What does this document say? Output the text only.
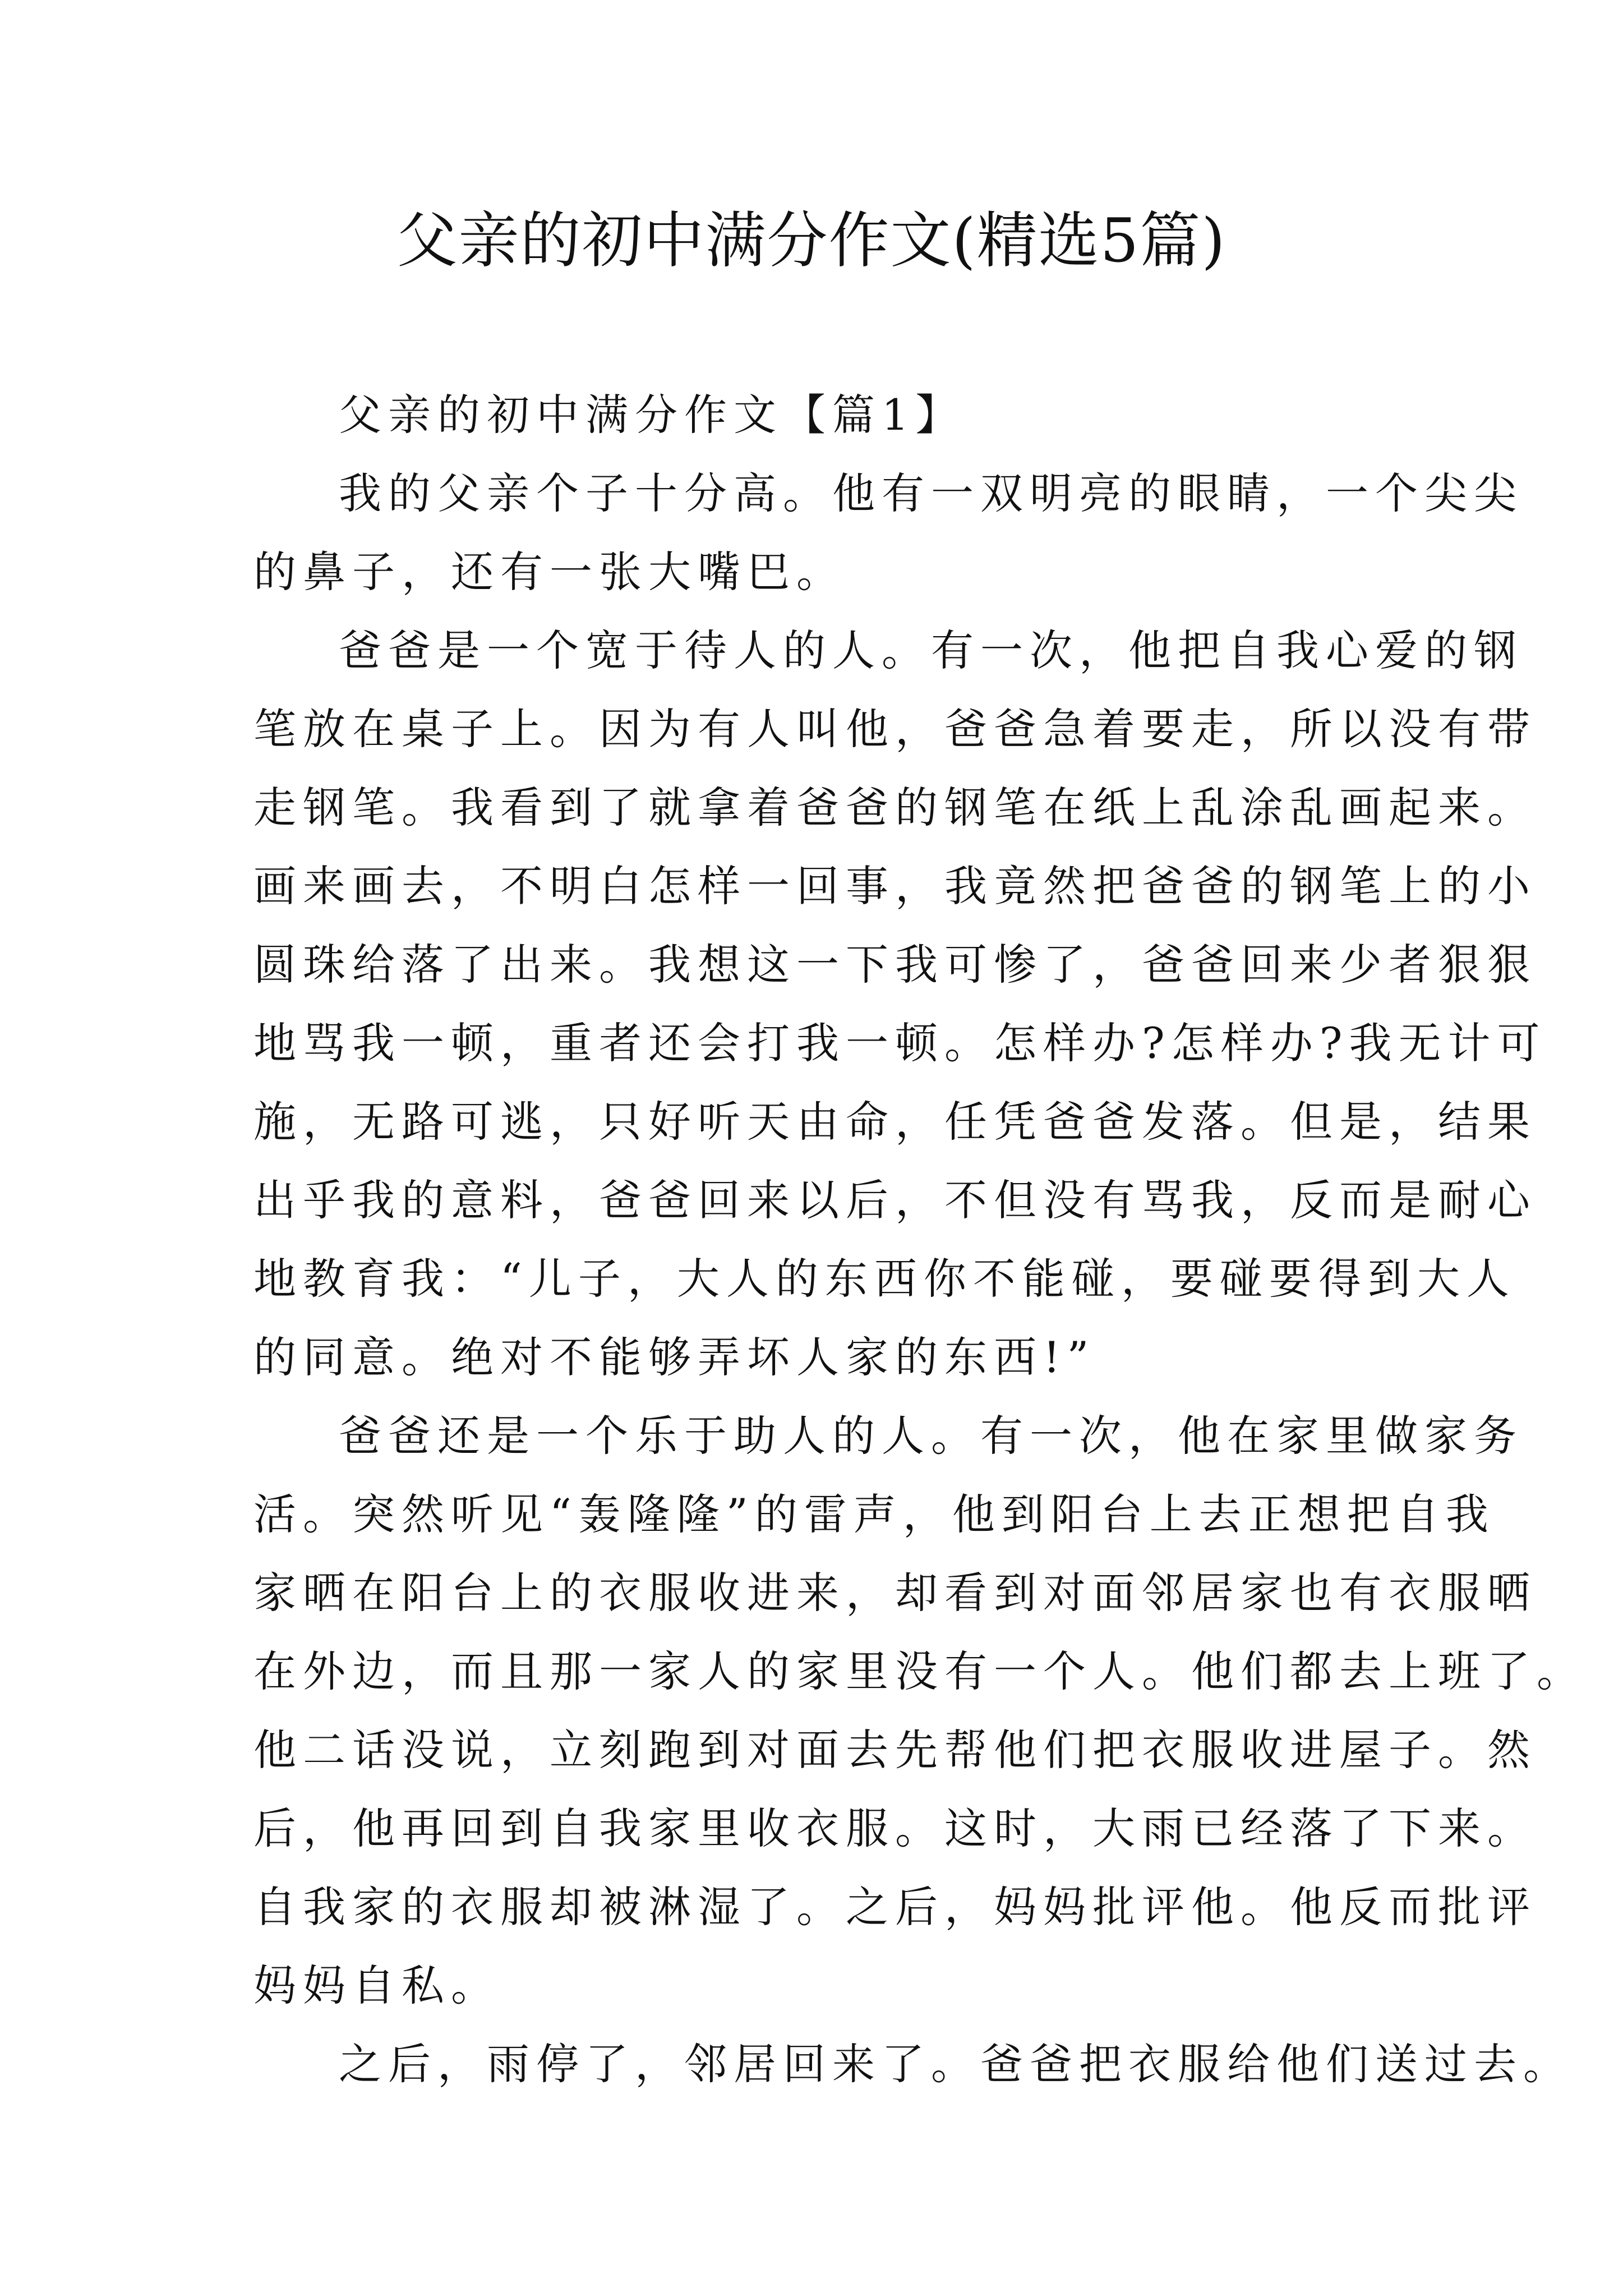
父亲的初中满分作文(精选5篇)
父亲的初中满分作文【篇1】
我的父亲个子十分高。他有一双明亮的眼睛，一个尖尖
的鼻子，还有一张大嘴巴。
爸爸是一个宽于待人的人。有一次，他把自我心爱的钢
笔放在桌子上。因为有人叫他，爸爸急着要走，所以没有带
走钢笔。我看到了就拿着爸爸的钢笔在纸上乱涂乱画起来。
画来画去，不明白怎样一回事，我竟然把爸爸的钢笔上的小
圆珠给落了出来。我想这一下我可惨了，爸爸回来少者狠狠
地骂我一顿，重者还会打我一顿。怎样办?怎样办?我无计可
施，无路可逃，只好听天由命，任凭爸爸发落。但是，结果
出乎我的意料，爸爸回来以后，不但没有骂我，反而是耐心
地教育我：“儿子，大人的东西你不能碰，要碰要得到大人
的同意。绝对不能够弄坏人家的东西!”
爸爸还是一个乐于助人的人。有一次，他在家里做家务
活。突然听见“轰隆隆”的雷声，他到阳台上去正想把自我
家晒在阳台上的衣服收进来，却看到对面邻居家也有衣服晒
在外边，而且那一家人的家里没有一个人。他们都去上班了。
他二话没说，立刻跑到对面去先帮他们把衣服收进屋子。然
后，他再回到自我家里收衣服。这时，大雨已经落了下来。
自我家的衣服却被淋湿了。之后，妈妈批评他。他反而批评
妈妈自私。
之后，雨停了，邻居回来了。爸爸把衣服给他们送过去。
